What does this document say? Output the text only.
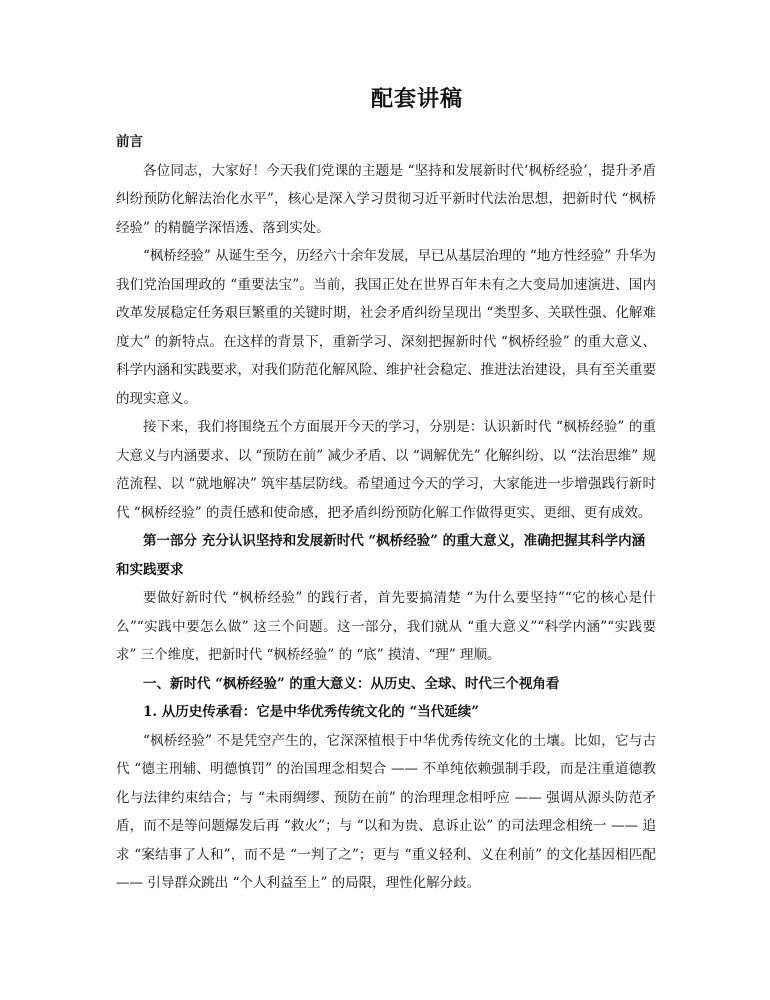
配套讲稿

前言

各位同志，大家好！今天我们党课的主题是 “坚持和发展新时代‘枫桥经验’，提升矛盾纠纷预防化解法治化水平”，核心是深入学习贯彻习近平新时代法治思想，把新时代 “枫桥经验” 的精髓学深悟透、落到实处。

“枫桥经验” 从诞生至今，历经六十余年发展，早已从基层治理的 “地方性经验” 升华为我们党治国理政的 “重要法宝”。当前，我国正处在世界百年未有之大变局加速演进、国内改革发展稳定任务艰巨繁重的关键时期，社会矛盾纠纷呈现出 “类型多、关联性强、化解难度大” 的新特点。在这样的背景下，重新学习、深刻把握新时代 “枫桥经验” 的重大意义、科学内涵和实践要求，对我们防范化解风险、维护社会稳定、推进法治建设，具有至关重要的现实意义。

接下来，我们将围绕五个方面展开今天的学习，分别是：认识新时代 “枫桥经验” 的重大意义与内涵要求、以 “预防在前” 减少矛盾、以 “调解优先” 化解纠纷、以 “法治思维” 规范流程、以 “就地解决” 筑牢基层防线。希望通过今天的学习，大家能进一步增强践行新时代 “枫桥经验” 的责任感和使命感，把矛盾纠纷预防化解工作做得更实、更细、更有成效。

第一部分 充分认识坚持和发展新时代 “枫桥经验” 的重大意义，准确把握其科学内涵和实践要求

要做好新时代 “枫桥经验” 的践行者，首先要搞清楚 “为什么要坚持”“它的核心是什么”“实践中要怎么做” 这三个问题。这一部分，我们就从 “重大意义”“科学内涵”“实践要求” 三个维度，把新时代 “枫桥经验” 的 “底” 摸清、“理” 理顺。

一、新时代 “枫桥经验” 的重大意义：从历史、全球、时代三个视角看

1. 从历史传承看：它是中华优秀传统文化的 “当代延续”

“枫桥经验” 不是凭空产生的，它深深植根于中华优秀传统文化的土壤。比如，它与古代 “德主刑辅、明德慎罚” 的治国理念相契合 —— 不单纯依赖强制手段，而是注重道德教化与法律约束结合；与 “未雨绸缪、预防在前” 的治理理念相呼应 —— 强调从源头防范矛盾，而不是等问题爆发后再 “救火”；与 “以和为贵、息诉止讼” 的司法理念相统一 —— 追求 “案结事了人和”，而不是 “一判了之”；更与 “重义轻利、义在利前” 的文化基因相匹配 —— 引导群众跳出 “个人利益至上” 的局限，理性化解分歧。
